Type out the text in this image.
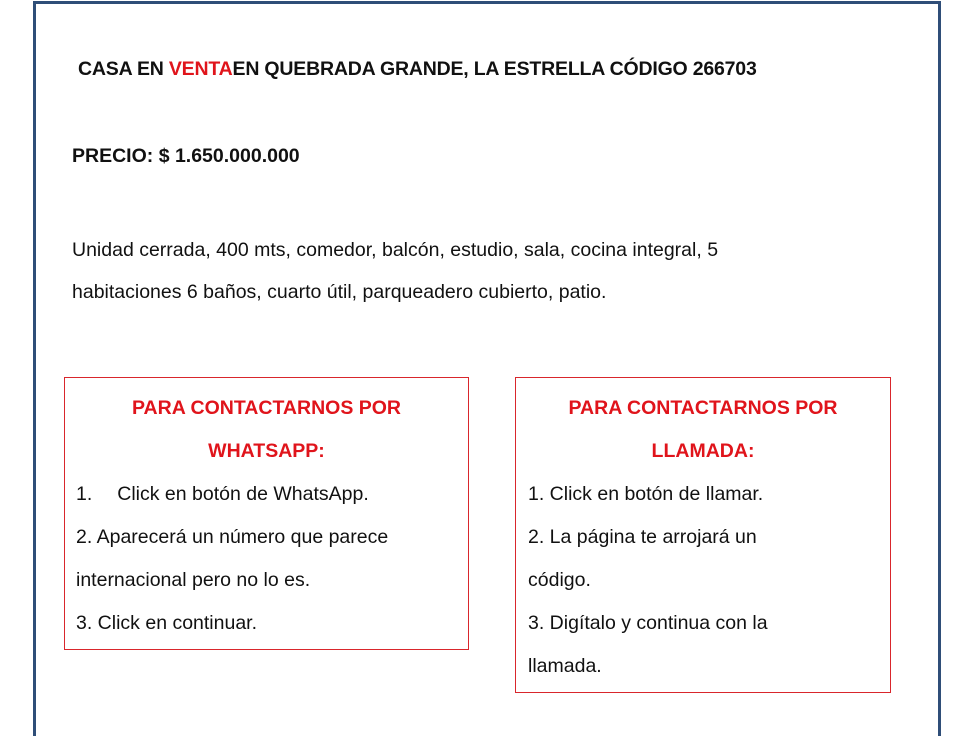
CASA EN VENTAEN QUEBRADA GRANDE, LA ESTRELLA CÓDIGO 266703
PRECIO: $ 1.650.000.000
Unidad cerrada, 400 mts, comedor, balcón, estudio, sala, cocina integral, 5
habitaciones 6 baños, cuarto útil, parqueadero cubierto, patio.
PARA CONTACTARNOS POR
WHATSAPP:
1. Click en botón de WhatsApp.
2. Aparecerá un número que parece
internacional pero no lo es.
3. Click en continuar.
PARA CONTACTARNOS POR
LLAMADA:
1. Click en botón de llamar.
2. La página te arrojará un
código.
3. Digítalo y continua con la
llamada.
